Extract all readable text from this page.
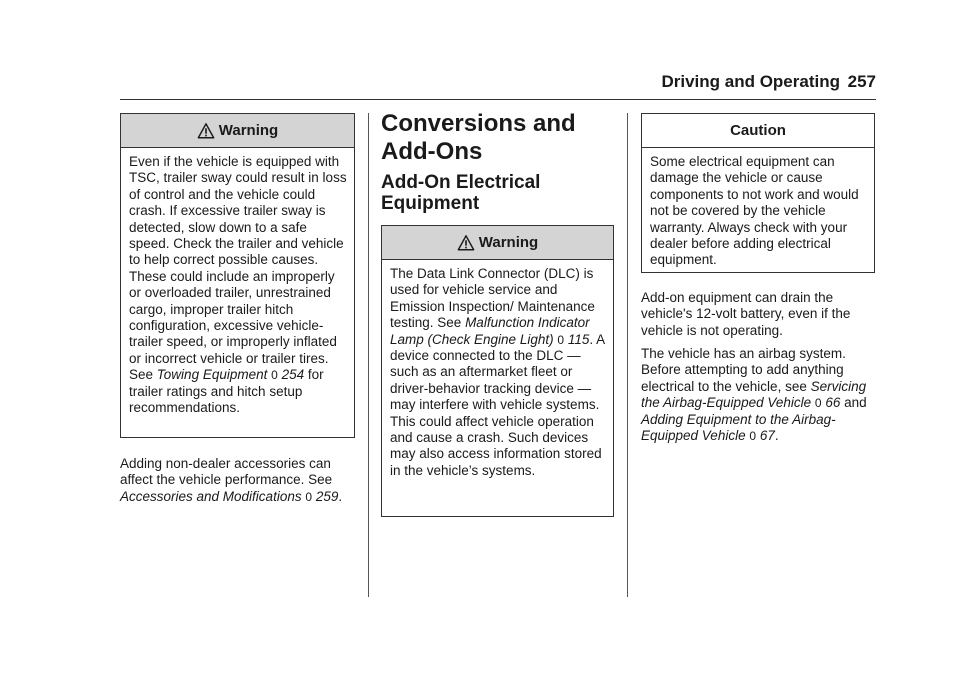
Driving and Operating 257
Warning
Even if the vehicle is equipped with TSC, trailer sway could result in loss of control and the vehicle could crash. If excessive trailer sway is detected, slow down to a safe speed. Check the trailer and vehicle to help correct possible causes. These could include an improperly or overloaded trailer, unrestrained cargo, improper trailer hitch configuration, excessive vehicle-trailer speed, or improperly inflated or incorrect vehicle or trailer tires. See Towing Equipment 0 254 for trailer ratings and hitch setup recommendations.
Adding non-dealer accessories can affect the vehicle performance. See Accessories and Modifications 0 259.
Conversions and Add-Ons
Add-On Electrical Equipment
Warning
The Data Link Connector (DLC) is used for vehicle service and Emission Inspection/ Maintenance testing. See Malfunction Indicator Lamp (Check Engine Light) 0 115. A device connected to the DLC — such as an aftermarket fleet or driver-behavior tracking device — may interfere with vehicle systems. This could affect vehicle operation and cause a crash. Such devices may also access information stored in the vehicle’s systems.
Caution
Some electrical equipment can damage the vehicle or cause components to not work and would not be covered by the vehicle warranty. Always check with your dealer before adding electrical equipment.
Add-on equipment can drain the vehicle's 12-volt battery, even if the vehicle is not operating.
The vehicle has an airbag system. Before attempting to add anything electrical to the vehicle, see Servicing the Airbag-Equipped Vehicle 0 66 and Adding Equipment to the Airbag-Equipped Vehicle 0 67.
